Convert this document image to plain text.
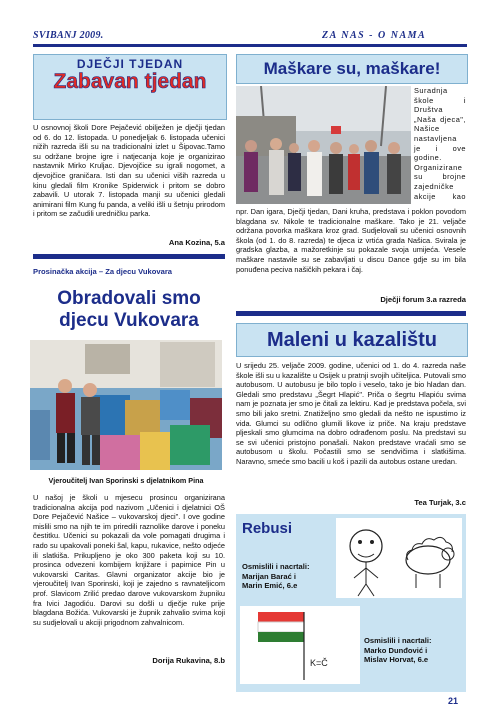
SVIBANJ 2009.	ZA NAS - O NAMA
DJEČJI TJEDAN
Zabavan tjedan

U osnovnoj školi Dore Pejačević obilježen je dječji tjedan od 6. do 12. listopada. U ponedjeljak 6. listopada učenici nižih razreda išli su na tradicionalni izlet u Šipovac.Tamo su održane brojne igre i natjecanja koje je organizirao nastavnik Mirko Kruljac. Djevojčice su igrali nogomet, a djevojčice graničara. Isti dan su učenici viših razreda u kinu gledali film Kronike Spiderwick i pritom se dobro zabavili. U utorak 7. listopada manji su učenici gledali animirani film Kung fu panda, a veliki išli u šetnju prirodom i pritom se začudili uredničku parka.

Ana Kozina, 5.a
Prosinačka akcija – Za djecu Vukovara
Obradovali smo djecu Vukovara
Vjeroučitelj Ivan Sporinski s djelatnikom Pina

U našoj je školi u mjesecu prosincu organizirana tradicionalna akcija pod nazivom „Učenici i djelatnici OŠ Dore Pejačević Našice – vukovarskoj djeci". I ove godine mislili smo na njih te im priredili raznolike darove i poneku čestitku. Učenici su pokazali da vole pomagati drugima i rado su upakovali poneki šal, kapu, rukavice, nešto odjeće ili slatkiša. Prikupljeno je oko 300 paketa koji su 10. prosinca odvezeni kombijem knjižare i papirnice Pin u vukovarski Caritas. Glavni organizator akcije bio je vjeroučitelj Ivan Sporinski, koji je zajedno s ravnateljicom prof. Slavicom Zrilić predao darove vukovarskom župniku fra Ivici Jagodiću. Darovi su došli u dječje ruke prije blagdana Božića. Vukovarski je župnik zahvalio svima koji su sudjelovali u akciji prigodnom zahvalnicom.

Dorija Rukavina, 8.b
Maškare su, maškare!

Suradnja škole i Društva „Naša djeca", Našice nastavljena je i ove godine. Organizirane su brojne zajedničke akcije kao

npr. Dan igara, Dječji tjedan, Dani kruha, predstava i poklon povodom blagdana sv. Nikole te tradicionalne maškare. Tako je 21. veljače održana povorka maškara kroz grad. Sudjelovali su učenici osnovnih škola (od 1. do 8. razreda) te djeca iz vrtića grada Našica. Svirala je gradska glazba, a mažoretkinje su pokazale svoja umijeća. Vesele maškare nastavile su se zabavljati u discu Dance gdje su im bila ponuđena peciva našičkih pekara i čaj.

Dječji forum 3.a razreda
Maleni u kazalištu

U srijedu 25. veljače 2009. godine, učenici od 1. do 4. razreda naše škole išli su u kazalište u Osijek u pratnji svojih učiteljica. Putovali smo autobusom. U autobusu je bilo toplo i veselo, tako je bio hladan dan. Gledali smo predstavu „Šegrt Hlapić". Priča o šegrtu Hlapiću svima nam je poznata jer smo je čitali za lektiru. Kad je predstava počela, svi smo bili jako sretni. Znatiželjno smo gledali da nešto ne ispustimo iz vida. Glumci su odlično glumili likove iz priče. Na kraju predstave pljeskali smo glumcima na dobro odrađenom poslu. Na predstavi su se svi učenici pristojno ponašali. Nakon predstave vraćali smo se autobusom u školu. Počastili smo se sendvičima i slatkišima. Naravno, smeće smo bacili u koš i pazili da autobus ostane uredan.

Tea Turjak, 3.c
Rebusi
Osmislili i nacrtali:
Marijan Barać i
Marin Emić, 6.e
K=Č
Osmislili i nacrtali:
Marko Dunđović i
Mislav Horvat, 6.e
21
